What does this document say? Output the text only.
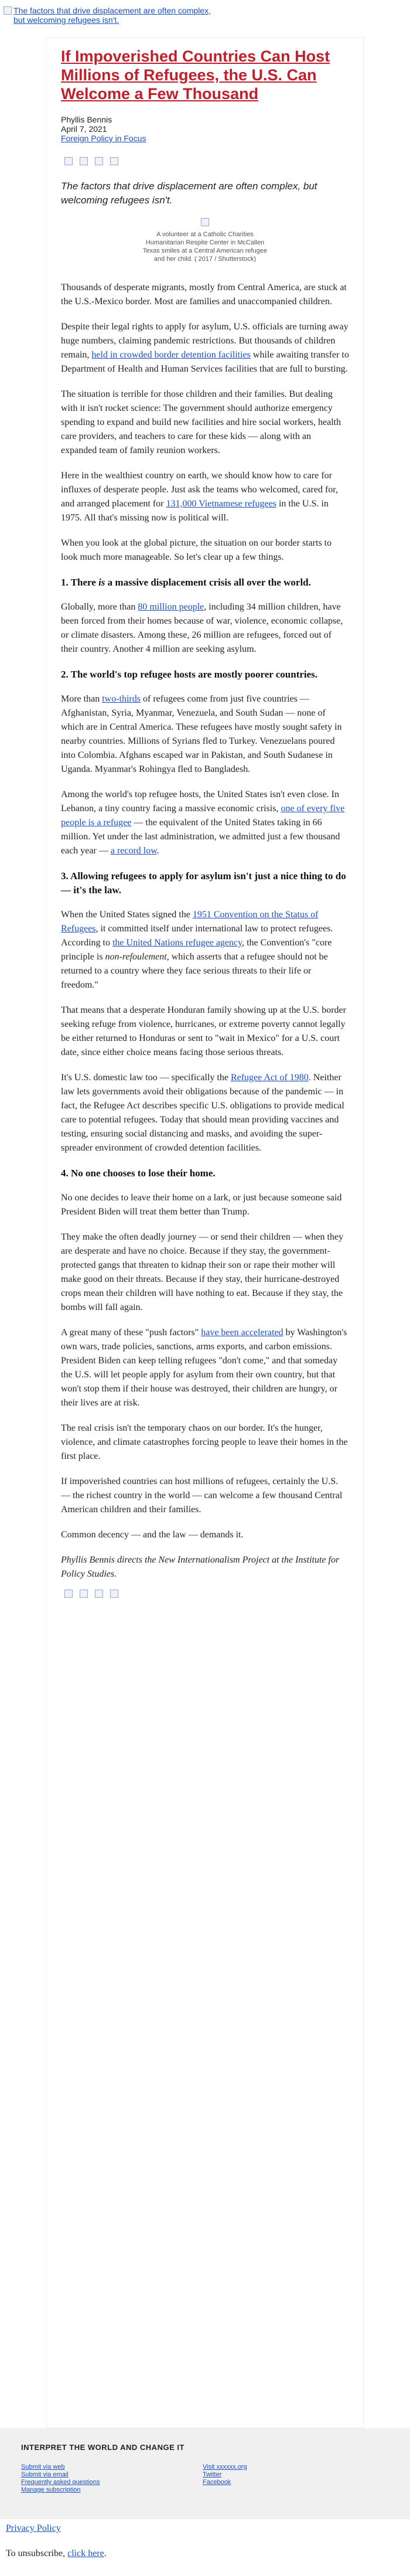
The factors that drive displacement are often complex, but welcoming refugees isn't.
If Impoverished Countries Can Host Millions of Refugees, the U.S. Can Welcome a Few Thousand
Phyllis Bennis
April 7, 2021
Foreign Policy in Focus
The factors that drive displacement are often complex, but welcoming refugees isn't.
A volunteer at a Catholic Charities Humanitarian Respite Center in McCallen Texas smiles at a Central American refugee and her child. ( 2017 / Shutterstock)

Thousands of desperate migrants, mostly from Central America, are stuck at the U.S.-Mexico border. Most are families and unaccompanied children.

Despite their legal rights to apply for asylum, U.S. officials are turning away huge numbers, claiming pandemic restrictions. But thousands of children remain, held in crowded border detention facilities while awaiting transfer to Department of Health and Human Services facilities that are full to bursting.

The situation is terrible for those children and their families. But dealing with it isn't rocket science: The government should authorize emergency spending to expand and build new facilities and hire social workers, health care providers, and teachers to care for these kids — along with an expanded team of family reunion workers.

Here in the wealthiest country on earth, we should know how to care for influxes of desperate people. Just ask the teams who welcomed, cared for, and arranged placement for 131,000 Vietnamese refugees in the U.S. in 1975. All that's missing now is political will.

When you look at the global picture, the situation on our border starts to look much more manageable. So let's clear up a few things.

1. There is a massive displacement crisis all over the world.

Globally, more than 80 million people, including 34 million children, have been forced from their homes because of war, violence, economic collapse, or climate disasters. Among these, 26 million are refugees, forced out of their country. Another 4 million are seeking asylum.

2. The world's top refugee hosts are mostly poorer countries.

More than two-thirds of refugees come from just five countries — Afghanistan, Syria, Myanmar, Venezuela, and South Sudan — none of which are in Central America. These refugees have mostly sought safety in nearby countries. Millions of Syrians fled to Turkey. Venezuelans poured into Colombia. Afghans escaped war in Pakistan, and South Sudanese in Uganda. Myanmar's Rohingya fled to Bangladesh.

Among the world's top refugee hosts, the United States isn't even close. In Lebanon, a tiny country facing a massive economic crisis, one of every five people is a refugee — the equivalent of the United States taking in 66 million. Yet under the last administration, we admitted just a few thousand each year — a record low.

3. Allowing refugees to apply for asylum isn't just a nice thing to do — it's the law.

When the United States signed the 1951 Convention on the Status of Refugees, it committed itself under international law to protect refugees. According to the United Nations refugee agency, the Convention's "core principle is non-refoulement, which asserts that a refugee should not be returned to a country where they face serious threats to their life or freedom."

That means that a desperate Honduran family showing up at the U.S. border seeking refuge from violence, hurricanes, or extreme poverty cannot legally be either returned to Honduras or sent to "wait in Mexico" for a U.S. court date, since either choice means facing those serious threats.

It's U.S. domestic law too — specifically the Refugee Act of 1980. Neither law lets governments avoid their obligations because of the pandemic — in fact, the Refugee Act describes specific U.S. obligations to provide medical care to potential refugees. Today that should mean providing vaccines and testing, ensuring social distancing and masks, and avoiding the super-spreader environment of crowded detention facilities.

4. No one chooses to lose their home.

No one decides to leave their home on a lark, or just because someone said President Biden will treat them better than Trump.

They make the often deadly journey — or send their children — when they are desperate and have no choice. Because if they stay, the government-protected gangs that threaten to kidnap their son or rape their mother will make good on their threats. Because if they stay, their hurricane-destroyed crops mean their children will have nothing to eat. Because if they stay, the bombs will fall again.

A great many of these "push factors" have been accelerated by Washington's own wars, trade policies, sanctions, arms exports, and carbon emissions. President Biden can keep telling refugees "don't come," and that someday the U.S. will let people apply for asylum from their own country, but that won't stop them if their house was destroyed, their children are hungry, or their lives are at risk.

The real crisis isn't the temporary chaos on our border. It's the hunger, violence, and climate catastrophes forcing people to leave their homes in the first place.

If impoverished countries can host millions of refugees, certainly the U.S. — the richest country in the world — can welcome a few thousand Central American children and their families.

Common decency — and the law — demands it.

Phyllis Bennis directs the New Internationalism Project at the Institute for Policy Studies.

INTERPRET THE WORLD AND CHANGE IT
Submit via web
Submit via email
Frequently asked questions
Manage subscription
Visit xxxxxx.org
Twitter
Facebook
Privacy Policy

To unsubscribe, click here.
